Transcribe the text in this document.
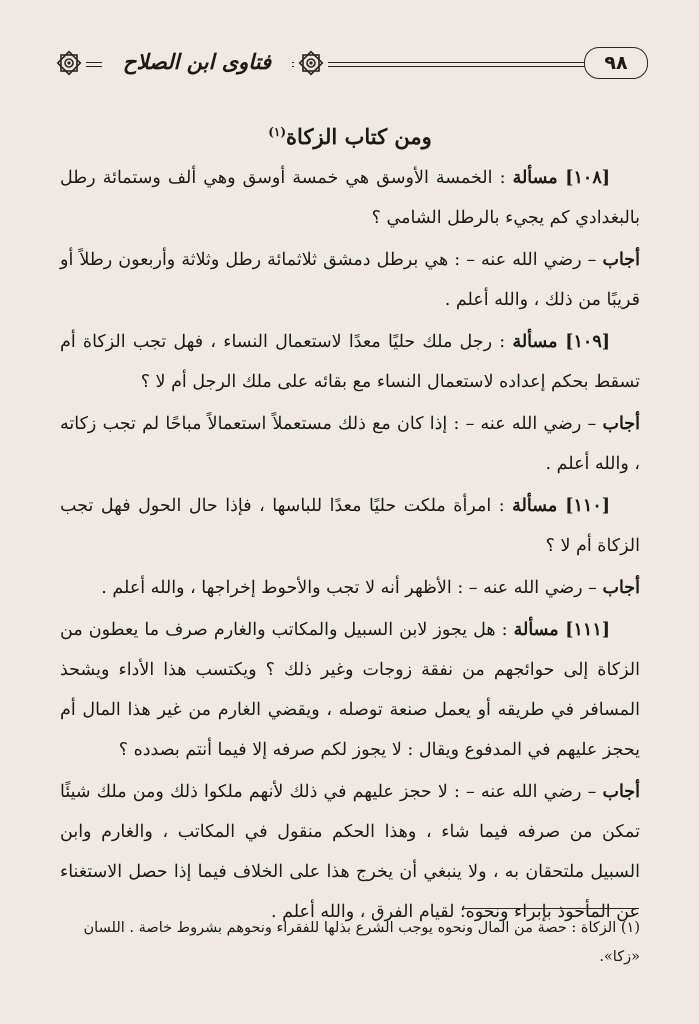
٩٨
فتاوى ابن الصلاح
ومن كتاب الزكاة$^{(١)}$

[١٠٨] مسألة : الخمسة الأوسق هي خمسة أوسق وهي ألف وستمائة رطل بالبغدادي كم يجيء بالرطل الشامي ؟

أجاب – رضي الله عنه – : هي برطل دمشق ثلاثمائة رطل وثلاثة وأربعون رطلاً أو قريبًا من ذلك ، والله أعلم .

[١٠٩] مسألة : رجل ملك حليًا معدًا لاستعمال النساء ، فهل تجب الزكاة أم تسقط بحكم إعداده لاستعمال النساء مع بقائه على ملك الرجل أم لا ؟

أجاب – رضي الله عنه – : إذا كان مع ذلك مستعملاً استعمالاً مباحًا لم تجب زكاته ، والله أعلم .

[١١٠] مسألة : امرأة ملكت حليًا معدًا للباسها ، فإذا حال الحول فهل تجب الزكاة أم لا ؟

أجاب – رضي الله عنه – : الأظهر أنه لا تجب والأحوط إخراجها ، والله أعلم .

[١١١] مسألة : هل يجوز لابن السبيل والمكاتب والغارم صرف ما يعطون من الزكاة إلى حوائجهم من نفقة زوجات وغير ذلك ؟ ويكتسب هذا الأداء ويشحذ المسافر في طريقه أو يعمل صنعة توصله ، ويقضي الغارم من غير هذا المال أم يحجز عليهم في المدفوع ويقال : لا يجوز لكم صرفه إلا فيما أنتم بصدده ؟

أجاب – رضي الله عنه – : لا حجز عليهم في ذلك لأنهم ملكوا ذلك ومن ملك شيئًا تمكن من صرفه فيما شاء ، وهذا الحكم منقول في المكاتب ، والغارم وابن السبيل ملتحقان به ، ولا ينبغي أن يخرج هذا على الخلاف فيما إذا حصل الاستغناء عن المأخوذ بإبراء ونحوه؛ لقيام الفرق ، والله أعلم .

(١) الزكاة : حصة من المال ونحوه يوجب الشرع بذلها للفقراء ونحوهم بشروط خاصة . اللسان
«زكا».
